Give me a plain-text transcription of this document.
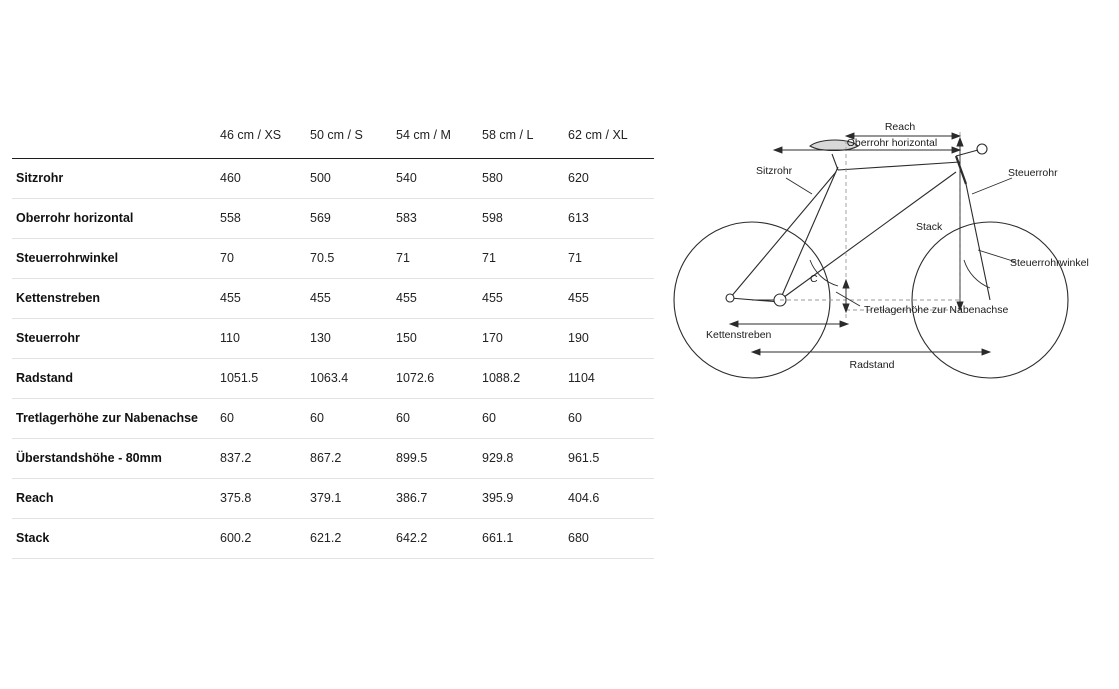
	46 cm / XS	50 cm / S	54 cm / M	58 cm / L	62 cm / XL
Sitzrohr	460	500	540	580	620
Oberrohr horizontal	558	569	583	598	613
Steuerrohrwinkel	70	70.5	71	71	71
Kettenstreben	455	455	455	455	455
Steuerrohr	110	130	150	170	190
Radstand	1051.5	1063.4	1072.6	1088.2	1104
Tretlagerhöhe zur Nabenachse	60	60	60	60	60
Überstandshöhe - 80mm	837.2	867.2	899.5	929.8	961.5
Reach	375.8	379.1	386.7	395.9	404.6
Stack	600.2	621.2	642.2	661.1	680
Reach
Oberrohr horizontal
Steuerrohr
Sitzrohr
Stack
Steuerrohrwinkel
C
Tretlagerhöhe zur Nabenachse
Kettenstreben
Radstand
